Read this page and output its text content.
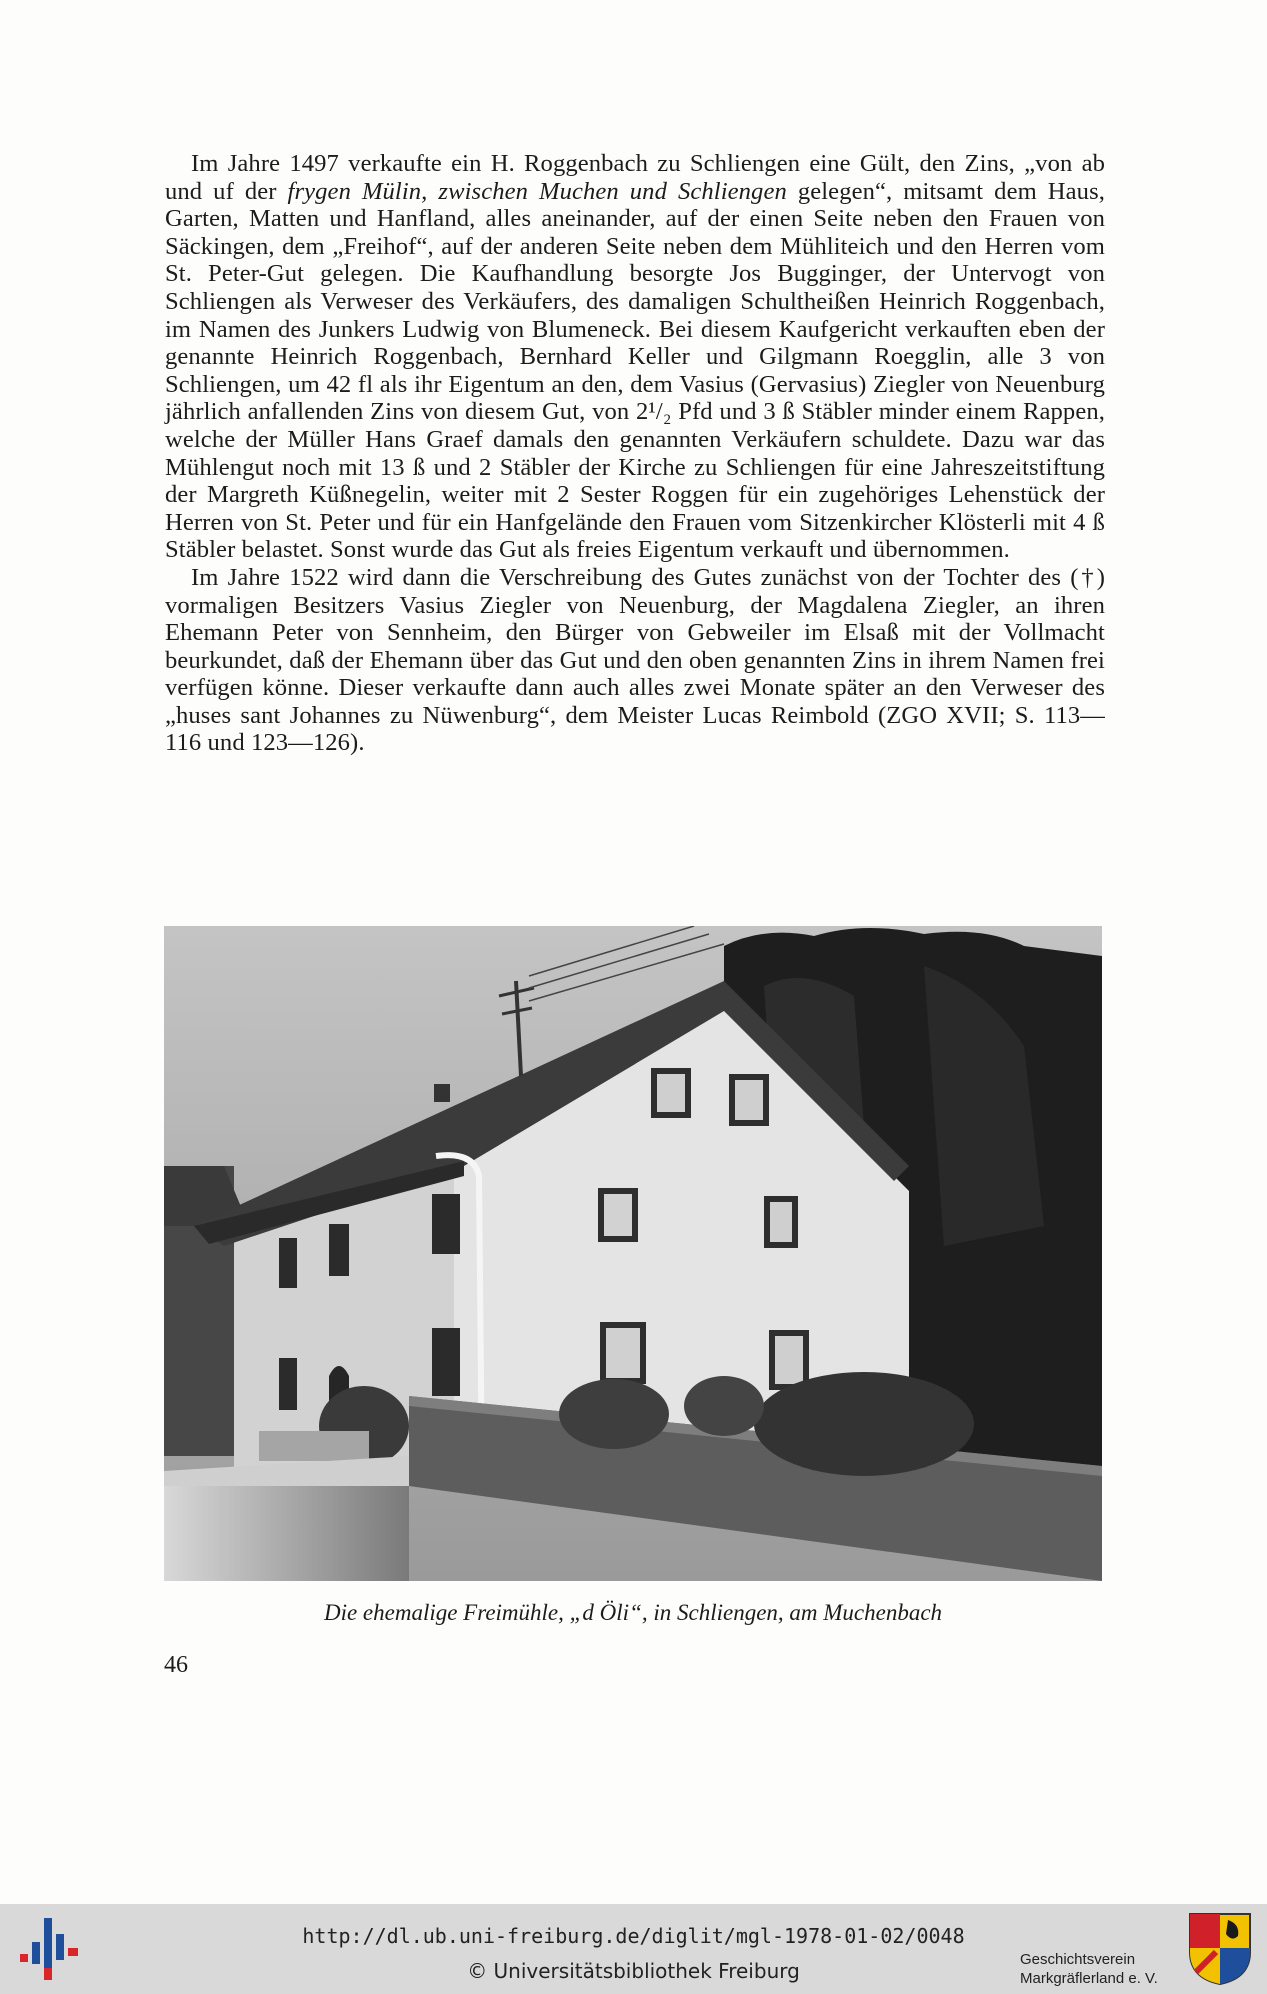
Im Jahre 1497 verkaufte ein H. Roggenbach zu Schliengen eine Gült, den Zins, „von ab und uf der frygen Mülin, zwischen Muchen und Schliengen gelegen“, mitsamt dem Haus, Garten, Matten und Hanfland, alles aneinander, auf der einen Seite neben den Frauen von Säckingen, dem „Freihof“, auf der anderen Seite neben dem Mühliteich und den Herren vom St. Peter-Gut gelegen. Die Kaufhandlung besorgte Jos Bugginger, der Untervogt von Schliengen als Verweser des Verkäufers, des damaligen Schultheißen Heinrich Roggenbach, im Namen des Junkers Ludwig von Blumeneck. Bei diesem Kaufgericht verkauften eben der genannte Heinrich Roggenbach, Bernhard Keller und Gilgmann Roegglin, alle 3 von Schliengen, um 42 fl als ihr Eigentum an den, dem Vasius (Gervasius) Ziegler von Neuenburg jährlich anfallenden Zins von diesem Gut, von 2¹/₂ Pfd und 3 ß Stäbler minder einem Rappen, welche der Müller Hans Graef damals den genannten Verkäufern schuldete. Dazu war das Mühlengut noch mit 13 ß und 2 Stäbler der Kirche zu Schliengen für eine Jahreszeitstiftung der Margreth Küßnegelin, weiter mit 2 Sester Roggen für ein zugehöriges Lehenstück der Herren von St. Peter und für ein Hanfgelände den Frauen vom Sitzenkircher Klösterli mit 4 ß Stäbler belastet. Sonst wurde das Gut als freies Eigentum verkauft und übernommen.

Im Jahre 1522 wird dann die Verschreibung des Gutes zunächst von der Tochter des (†) vormaligen Besitzers Vasius Ziegler von Neuenburg, der Magdalena Ziegler, an ihren Ehemann Peter von Sennheim, den Bürger von Gebweiler im Elsaß mit der Vollmacht beurkundet, daß der Ehemann über das Gut und den oben genannten Zins in ihrem Namen frei verfügen könne. Dieser verkaufte dann auch alles zwei Monate später an den Verweser des „huses sant Johannes zu Nüwenburg“, dem Meister Lucas Reimbold (ZGO XVII; S. 113—116 und 123—126).

Die ehemalige Freimühle, „d Öli“, in Schliengen, am Muchenbach
46
http://dl.ub.uni-freiburg.de/diglit/mgl-1978-01-02/0048
© Universitätsbibliothek Freiburg	Geschichtsverein
Markgräflerland e. V.
